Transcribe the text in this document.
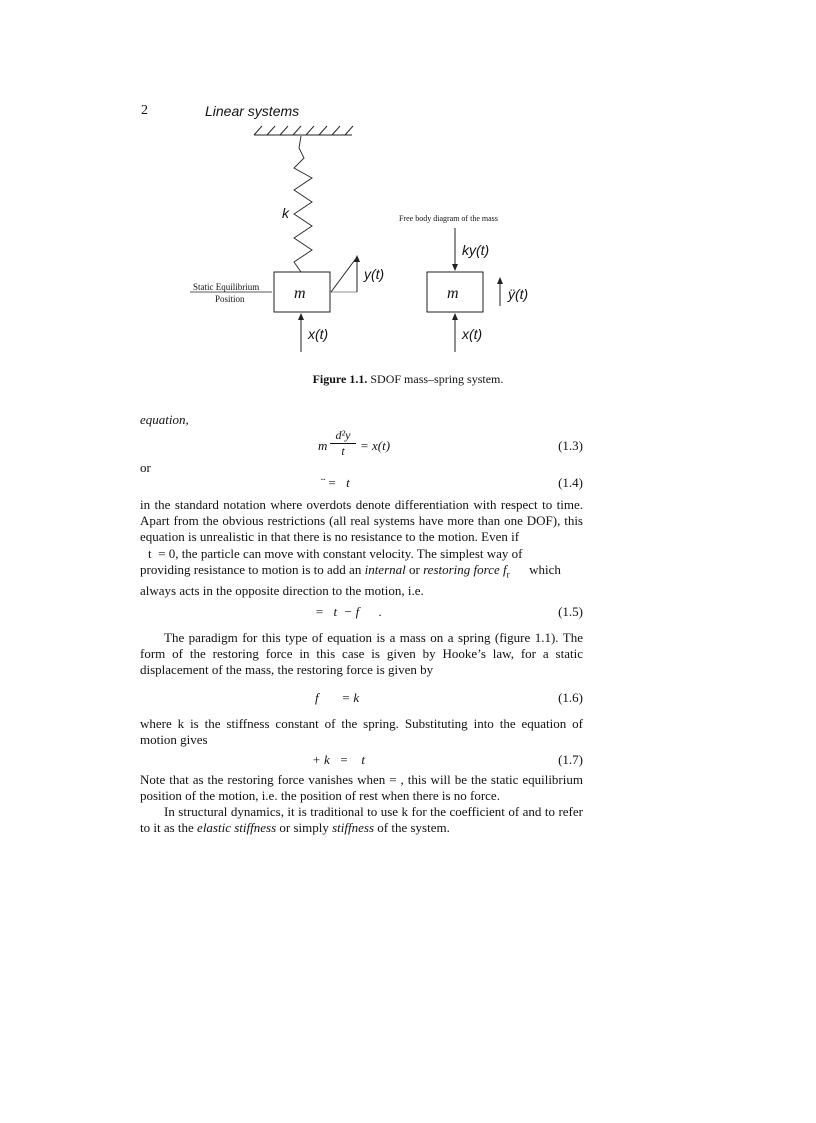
2	Linear systems
k
m	m
Static Equilibrium
Position
y(t)
x(t)
Free body diagram of the mass
ky(t)
ÿ(t)
x(t)
Figure 1.1. SDOF mass–spring system.
equation,
m $\frac{\text{d²y}}{t} = x(t)$	(1.3)
or
¨ =   t	(1.4)
in the standard notation where overdots denote differentiation with respect to time. Apart from the obvious restrictions (all real systems have more than one DOF), this equation is unrealistic in that there is no resistance to the motion. Even if
t  = 0, the particle can move with constant velocity. The simplest way of
providing resistance to motion is to add an internal or restoring force $f_r$      which
always acts in the opposite direction to the motion, i.e.
=   t  − f      .	(1.5)
The paradigm for this type of equation is a mass on a spring (figure 1.1). The form of the restoring force in this case is given by Hooke’s law, for a static displacement of the mass, the restoring force is given by
f       = k	(1.6)
where k is the stiffness constant of the spring. Substituting into the equation of motion gives
+ k   =    t	(1.7)
Note that as the restoring force vanishes when = , this will be the static equilibrium position of the motion, i.e. the position of rest when there is no force.
In structural dynamics, it is traditional to use k for the coefficient of and to refer to it as the elastic stiffness or simply stiffness of the system.
